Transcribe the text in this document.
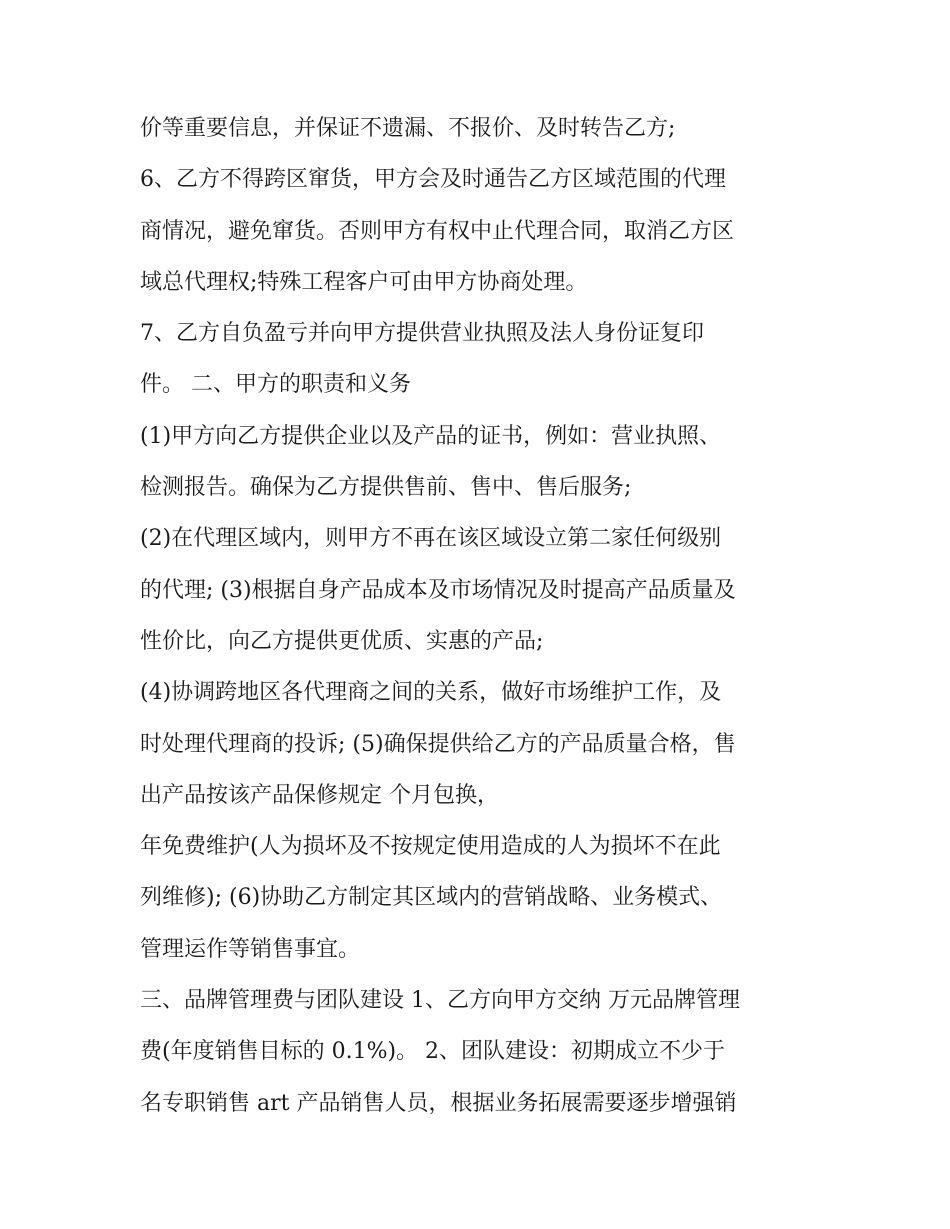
价等重要信息，并保证不遗漏、不报价、及时转告乙方;
6、乙方不得跨区窜货，甲方会及时通告乙方区域范围的代理
商情况，避免窜货。否则甲方有权中止代理合同，取消乙方区
域总代理权;特殊工程客户可由甲方协商处理。
7、乙方自负盈亏并向甲方提供营业执照及法人身份证复印
件。 二、甲方的职责和义务
(1)甲方向乙方提供企业以及产品的证书，例如：营业执照、
检测报告。确保为乙方提供售前、售中、售后服务;
(2)在代理区域内，则甲方不再在该区域设立第二家任何级别
的代理; (3)根据自身产品成本及市场情况及时提高产品质量及
性价比，向乙方提供更优质、实惠的产品;
(4)协调跨地区各代理商之间的关系，做好市场维护工作，及
时处理代理商的投诉; (5)确保提供给乙方的产品质量合格，售
出产品按该产品保修规定 个月包换，
年免费维护(人为损坏及不按规定使用造成的人为损坏不在此
列维修); (6)协助乙方制定其区域内的营销战略、业务模式、
管理运作等销售事宜。
三、品牌管理费与团队建设 1、乙方向甲方交纳 万元品牌管理
费(年度销售目标的 0.1%)。 2、团队建设：初期成立不少于
名专职销售 art 产品销售人员，根据业务拓展需要逐步增强销
